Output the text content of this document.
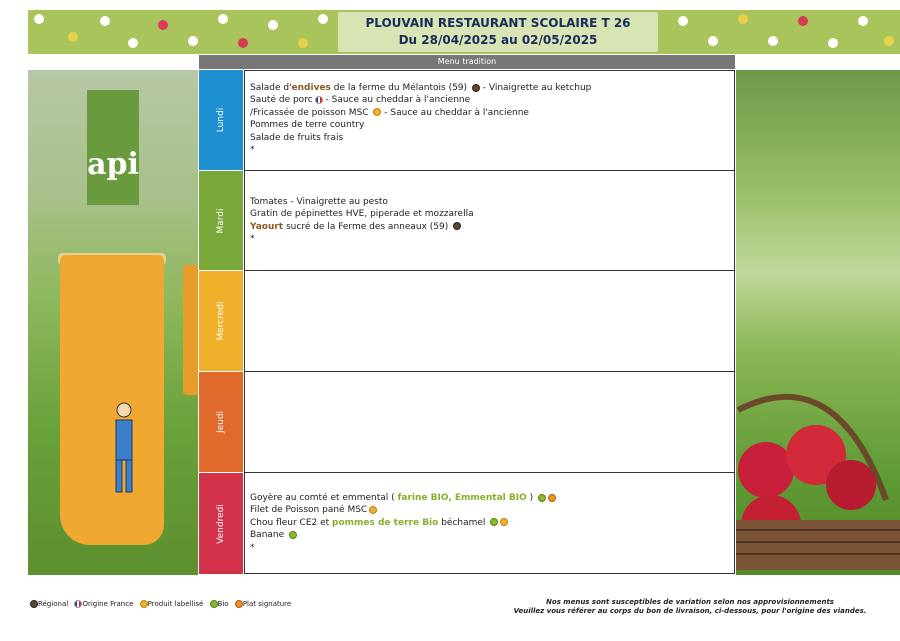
PLOUVAIN RESTAURANT SCOLAIRE T 26
Du 28/04/2025 au 02/05/2025
Menu tradition
api
Lundi
Mardi
Mercredi
Jeudi
Vendredi
Salade d'endives de la ferme du Mélantois (59)  - Vinaigrette au ketchup
Sauté de porc - Sauce au cheddar à l'ancienne
/Fricassée de poisson MSC  - Sauce au cheddar à l'ancienne
Pommes de terre country
Salade de fruits frais
*
Tomates - Vinaigrette au pesto
Gratin de pépinettes HVE, piperade et mozzarella
Yaourt sucré de la Ferme des anneaux (59)
*
Goyère au comté et emmental ( farine BIO, Emmental BIO )
Filet de Poisson pané MSC
Chou fleur CE2 et pommes de terre Bio béchamel
Banane
*
Régional Origine France Produit labellisé Bio Plat signature	Nos menus sont susceptibles de variation selon nos approvisionnements
Veuillez vous référer au corps du bon de livraison, ci-dessous, pour l'origine des viandes.
